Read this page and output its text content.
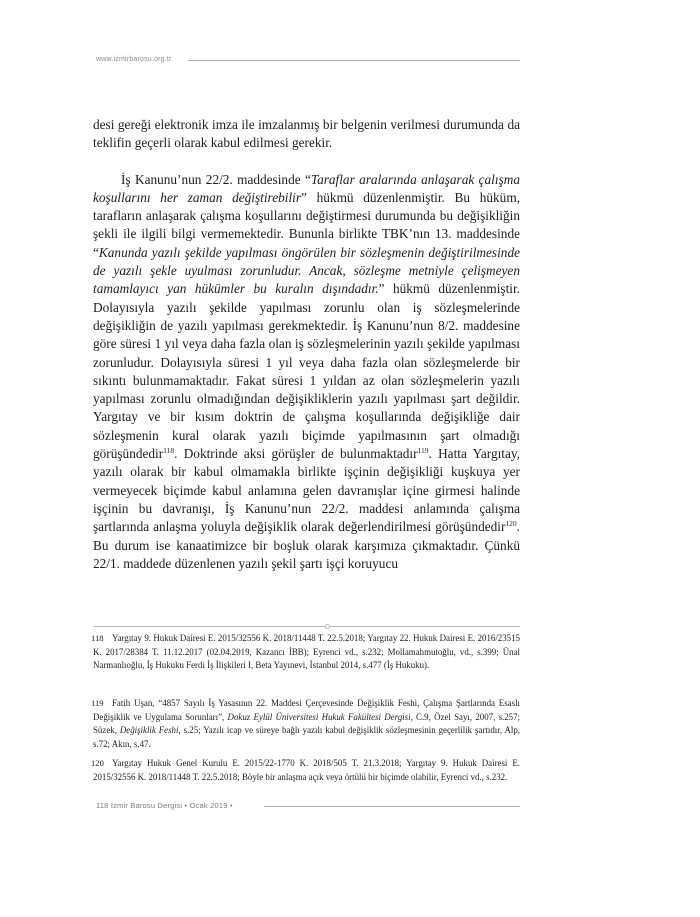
www.izmirbarosu.org.tr

desi gereği elektronik imza ile imzalanmış bir belgenin verilmesi durumunda da teklifin geçerli olarak kabul edilmesi gerekir.

İş Kanunu’nun 22/2. maddesinde “Taraflar aralarında anlaşarak çalışma koşullarını her zaman değiştirebilir” hükmü düzenlenmiştir. Bu hüküm, tarafların anlaşarak çalışma koşullarını değiştirmesi durumunda bu değişikliğin şekli ile ilgili bilgi vermemektedir. Bununla birlikte TBK’nın 13. maddesinde “Kanunda yazılı şekilde yapılması öngörülen bir sözleşmenin değiştirilmesinde de yazılı şekle uyulması zorunludur. Ancak, sözleşme metniyle çelişmeyen tamamlayıcı yan hükümler bu kuralın dışındadır.” hükmü düzenlenmiştir. Dolayısıyla yazılı şekilde yapılması zorunlu olan iş sözleşmelerinde değişikliğin de yazılı yapılması gerekmektedir. İş Kanunu’nun 8/2. maddesine göre süresi 1 yıl veya daha fazla olan iş sözleşmelerinin yazılı şekilde yapılması zorunludur. Dolayısıyla süresi 1 yıl veya daha fazla olan sözleşmelerde bir sıkıntı bulunmamaktadır. Fakat süresi 1 yıldan az olan sözleşmelerin yazılı yapılması zorunlu olmadığından değişikliklerin yazılı yapılması şart değildir. Yargıtay ve bir kısım doktrin de çalışma koşullarında değişikliğe dair sözleşmenin kural olarak yazılı biçimde yapılmasının şart olmadığı görüşündedir$^{118}$. Doktrinde aksi görüşler de bulunmaktadır$^{119}$. Hatta Yargıtay, yazılı olarak bir kabul olmamakla birlikte işçinin değişikliği kuşkuya yer vermeyecek biçimde kabul anlamına gelen davranışlar içine girmesi halinde işçinin bu davranışı, İş Kanunu’nun 22/2. maddesi anlamında çalışma şartlarında anlaşma yoluyla değişiklik olarak değerlendirilmesi görüşündedir$^{120}$. Bu durum ise kanaatimizce bir boşluk olarak karşımıza çıkmaktadır. Çünkü 22/1. maddede düzenlenen yazılı şekil şartı işçi koruyucu

118 Yargıtay 9. Hukuk Dairesi E. 2015/32556 K. 2018/11448 T. 22.5.2018; Yargıtay 22. Hukuk Dairesi E. 2016/23515 K. 2017/28384 T. 11.12.2017 (02.04.2019, Kazancı İBB); Eyrenci vd., s.232; Mollamahmutoğlu, vd., s.399; Ünal Narmanlıoğlu, İş Hukuku Ferdi İş İlişkileri I, Beta Yayınevi, İstanbul 2014, s.477 (İş Hukuku).
119 Fatih Uşan, “4857 Sayılı İş Yasasının 22. Maddesi Çerçevesinde Değişiklik Feshi, Çalışma Şartlarında Esaslı Değişiklik ve Uygulama Sorunları”, Dokuz Eylül Üniversitesi Hukuk Fakültesi Dergisi, C.9, Özel Sayı, 2007, s.257; Süzek, Değişiklik Feshi, s.25; Yazılı icap ve süreye bağlı yazılı kabul değişiklik sözleşmesinin geçerlilik şartıdır, Alp, s.72; Akın, s.47.
120 Yargıtay Hukuk Genel Kurulu E. 2015/22-1770 K. 2018/505 T. 21.3.2018; Yargıtay 9. Hukuk Dairesi E. 2015/32556 K. 2018/11448 T. 22.5.2018; Böyle bir anlaşma açık veya örtülü bir biçimde olabilir, Eyrenci vd., s.232.
118 İzmir Barosu Dergisi • Ocak 2019 •
